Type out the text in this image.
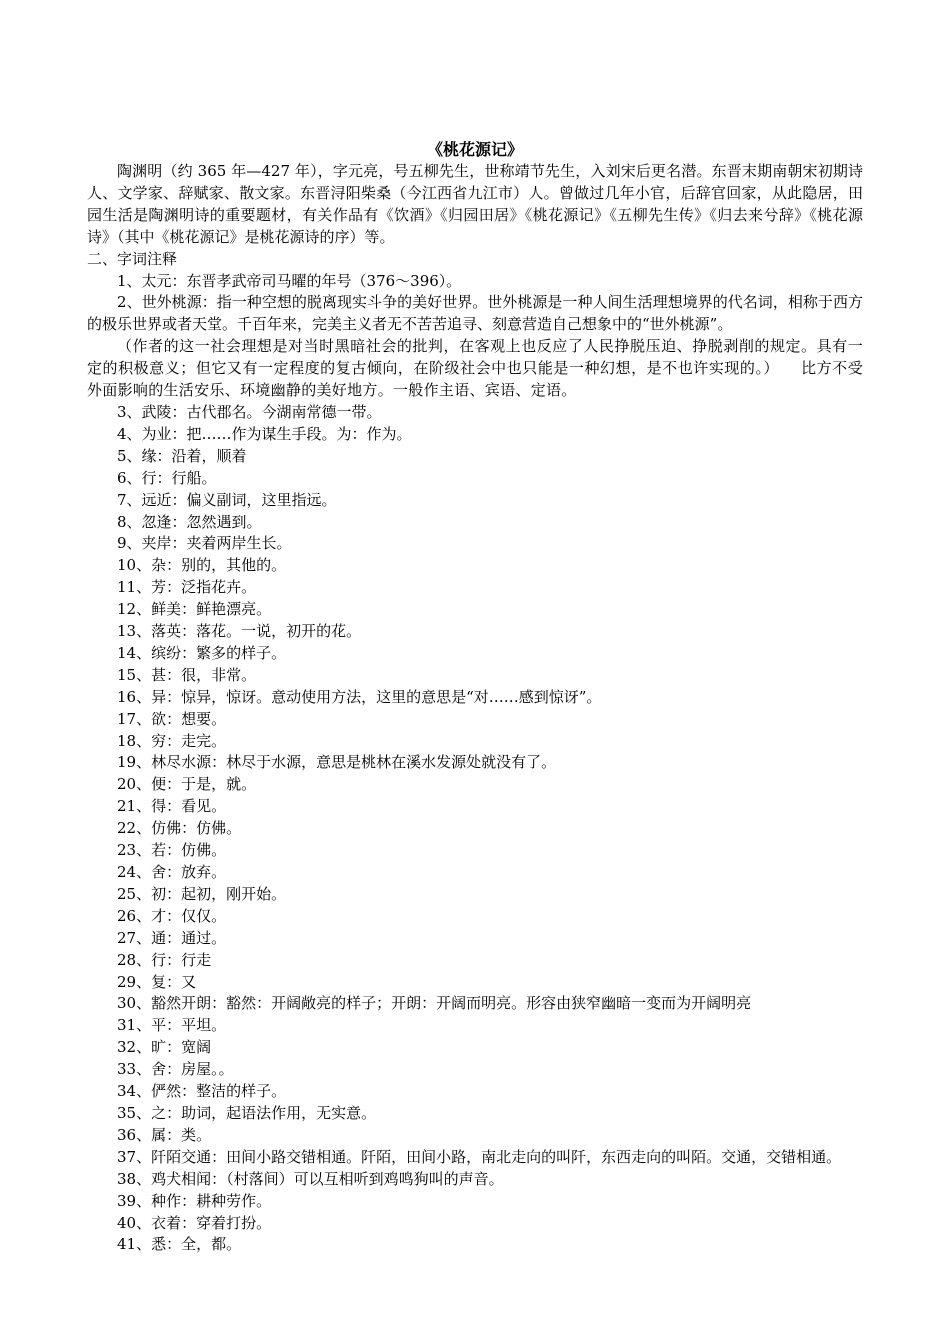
《桃花源记》

陶渊明（约 365 年—427 年），字元亮，号五柳先生，世称靖节先生，入刘宋后更名潜。东晋末期南朝宋初期诗人、文学家、辞赋家、散文家。东晋浔阳柴桑（今江西省九江市）人。曾做过几年小官，后辞官回家，从此隐居，田园生活是陶渊明诗的重要题材，有关作品有《饮酒》《归园田居》《桃花源记》《五柳先生传》《归去来兮辞》《桃花源诗》（其中《桃花源记》是桃花源诗的序）等。

二、字词注释

1、太元：东晋孝武帝司马曜的年号（376～396）。

2、世外桃源：指一种空想的脱离现实斗争的美好世界。世外桃源是一种人间生活理想境界的代名词，相称于西方的极乐世界或者天堂。千百年来，完美主义者无不苦苦追寻、刻意营造自己想象中的“世外桃源”。

（作者的这一社会理想是对当时黑暗社会的批判，在客观上也反应了人民挣脱压迫、挣脱剥削的规定。具有一定的积极意义；但它又有一定程度的复古倾向，在阶级社会中也只能是一种幻想，是不也许实现的。） 比方不受外面影响的生活安乐、环境幽静的美好地方。一般作主语、宾语、定语。

3、武陵：古代郡名。今湖南常德一带。

4、为业：把……作为谋生手段。为：作为。

5、缘：沿着，顺着

6、行：行船。

7、远近：偏义副词，这里指远。

8、忽逢：忽然遇到。

9、夹岸：夹着两岸生长。

10、杂：别的，其他的。

11、芳：泛指花卉。

12、鲜美：鲜艳漂亮。

13、落英：落花。一说，初开的花。

14、缤纷：繁多的样子。

15、甚：很，非常。

16、异：惊异，惊讶。意动使用方法，这里的意思是“对……感到惊讶”。

17、欲：想要。

18、穷：走完。

19、林尽水源：林尽于水源，意思是桃林在溪水发源处就没有了。

20、便：于是，就。

21、得：看见。

22、仿佛：仿佛。

23、若：仿佛。

24、舍：放弃。

25、初：起初，刚开始。

26、才：仅仅。

27、通：通过。

28、行：行走

29、复：又

30、豁然开朗：豁然：开阔敞亮的样子；开朗：开阔而明亮。形容由狭窄幽暗一变而为开阔明亮

31、平：平坦。

32、旷：宽阔

33、舍：房屋。。

34、俨然：整洁的样子。

35、之：助词，起语法作用，无实意。

36、属：类。

37、阡陌交通：田间小路交错相通。阡陌，田间小路，南北走向的叫阡，东西走向的叫陌。交通，交错相通。

38、鸡犬相闻：（村落间）可以互相听到鸡鸣狗叫的声音。

39、种作：耕种劳作。

40、衣着：穿着打扮。

41、悉：全，都。
